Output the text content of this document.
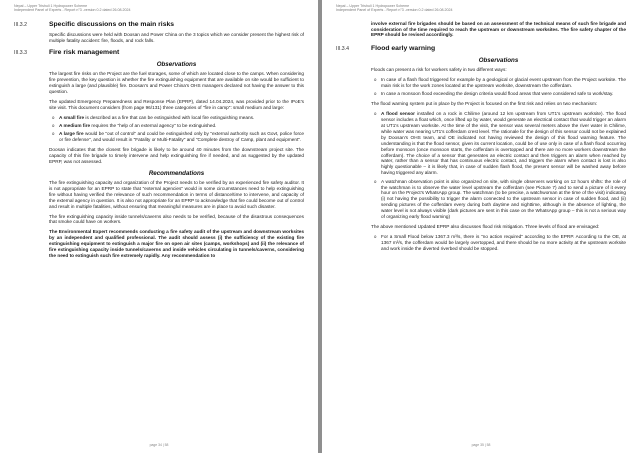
Nepal – Upper Trishuli 1 Hydropower Scheme
Independent Panel of Experts - Report n°3 -version 0.2 dated 26.08.2024
III.3.2	Specific discussions on the main risks

Specific discussions were held with Doosan and Power China on the 3 topics which we consider present the highest risk of multiple fatality accident: fire, floods, and rock falls.

III.3.3	Fire risk management
Observations

The largest fire risks on the Project are the fuel storages, some of which are located close to the camps. When considering fire prevention, the key question is whether the fire extinguishing equipment that are available on site would be sufficient to extinguish a large (and plausible) fire. Doosan's and Power China's OHS managers declared not having the answer to this question.

The updated Emergency Preparedness and Response Plan (EPRP), dated 14.04.2024, was provided prior to the IPoE's site visit. This document considers (from page 96/131) three categories of "fire in camp": small medium and large:

o A small fire is described as a fire that can be extinguished with local fire extinguishing means.
o A medium fire requires the "help of an external agency" to be extinguished.
o A large fire would be "out of control" and could be extinguished only by "external authority such as Govt, police force or fire defense", and would result in "Fatality or Multi-Fatality" and "Complete destroy of Camp, plant and equipment".

Doosan indicates that the closest fire brigade is likely to be around 40 minutes from the downstream project site. The capacity of this fire brigade to timely intervene and help extinguishing fire if needed, and as suggested by the updated EPRP, was not assessed.

Recommendations

The fire extinguishing capacity and organization of the Project needs to be verified by an experienced fire safety auditor. It is not appropriate for an EPRP to state that "external agencies" would in some circumstances need to help extinguishing fire without having verified the relevance of such recommendation in terms of distance/time to intervene, and capacity of the external agency in question. It is also not appropriate for an EPRP to acknowledge that fire could become out of control and result in multiple fatalities, without ensuring that meaningful measures are in place to avoid such disaster.

The fire extinguishing capacity inside tunnels/caverns also needs to be verified, because of the disastrous consequences that smoke could have on workers.

The Environmental Expert recommends conducting a fire safety audit of the upstream and downstream worksites by an independent and qualified professional. The audit should assess (i) the sufficiency of the existing fire extinguishing equipment to extinguish a major fire on open air sites (camps, workshops) and (ii) the relevance of fire extinguishing capacity inside tunnels/caverns and inside vehicles circulating in tunnels/caverns, considering the need to extinguish such fire extremely rapidly. Any recommendation to

page 34 | 58
Nepal – Upper Trishuli 1 Hydropower Scheme
Independent Panel of Experts - Report n°3 -version 0.2 dated 26.08.2024

involve external fire brigades should be based on an assessment of the technical means of such fire brigade and consideration of the time required to reach the upstream or downstream worksites. The fire safety chapter of the EPRP should be revised accordingly.

III.3.4	Flood early warning
Observations

Floods can present a risk for workers safety in two different ways:

o In case of a flash flood triggered for example by a geological or glacial event upstream from the Project worksite. The main risk is for the work zones located at the upstream worksite, downstream the cofferdam.
o In case a monsoon flood exceeding the design criteria would flood areas that were considered safe to work/stay.

The flood warning system put in place by the Project is focused on the first risk and relies on two mechanism:

o A flood sensor installed on a rock in Chilime (around 12 km upstream from UT1's upstream worksite). The flood sensor includes a float which, once lifted up by water, would generate an electrical contact that would trigger an alarm at UT1's upstream worksite. At the time of the visit, the sensor was several meters above the river water in Chilime, while water was nearing UT1's cofferdam crest level. The rationale for the design of this sensor could not be explained by Doosan's OHS team, and OE indicated not having reviewed the design of this flood warning feature. The understanding is that the flood sensor, given its current location, could be of use only in case of a flash flood occurring before monsoon (once monsoon starts, the cofferdam is overtopped and there are no more workers downstream the cofferdam). The choice of a sensor that generates an electric contact and then triggers an alarm when reached by water, rather than a sensor that has continuous electric contact, and triggers the alarm when contact is lost is also highly questionable – it is likely that, in case of sudden flash flood, the present sensor will be washed away before having triggered any alarm.
o A watchman observation point is also organized on site, with single observers working on 12 hours shifts: the role of the watchman is to observe the water level upstream the cofferdam (see Picture 7) and to send a picture of it every hour on the Project's WhatsApp group. The watchman (to be precise, a watchwoman at the time of the visit) indicating (i) not having the possibility to trigger the alarm connected to the upstream sensor in case of sudden flood, and (ii) sending pictures of the cofferdam every during both daytime and nighttime, although in the absence of lighting, the water level is not always visible (dark pictures are sent in this case on the WhatsApp group – this is not a serious way of organizing early flood warning)

The above mentioned Updated EPRP also discusses flood risk mitigation. Three levels of flood are envisaged:

o For a Small Flood below 1367.3 m³/s, there is "no action required" according to the EPRP. According to the OE, at 1367 m³/s, the cofferdam would be largely overtopped, and there should be no more activity at the upstream worksite and work inside the diverted riverbed should be stopped.
page 35 | 58
